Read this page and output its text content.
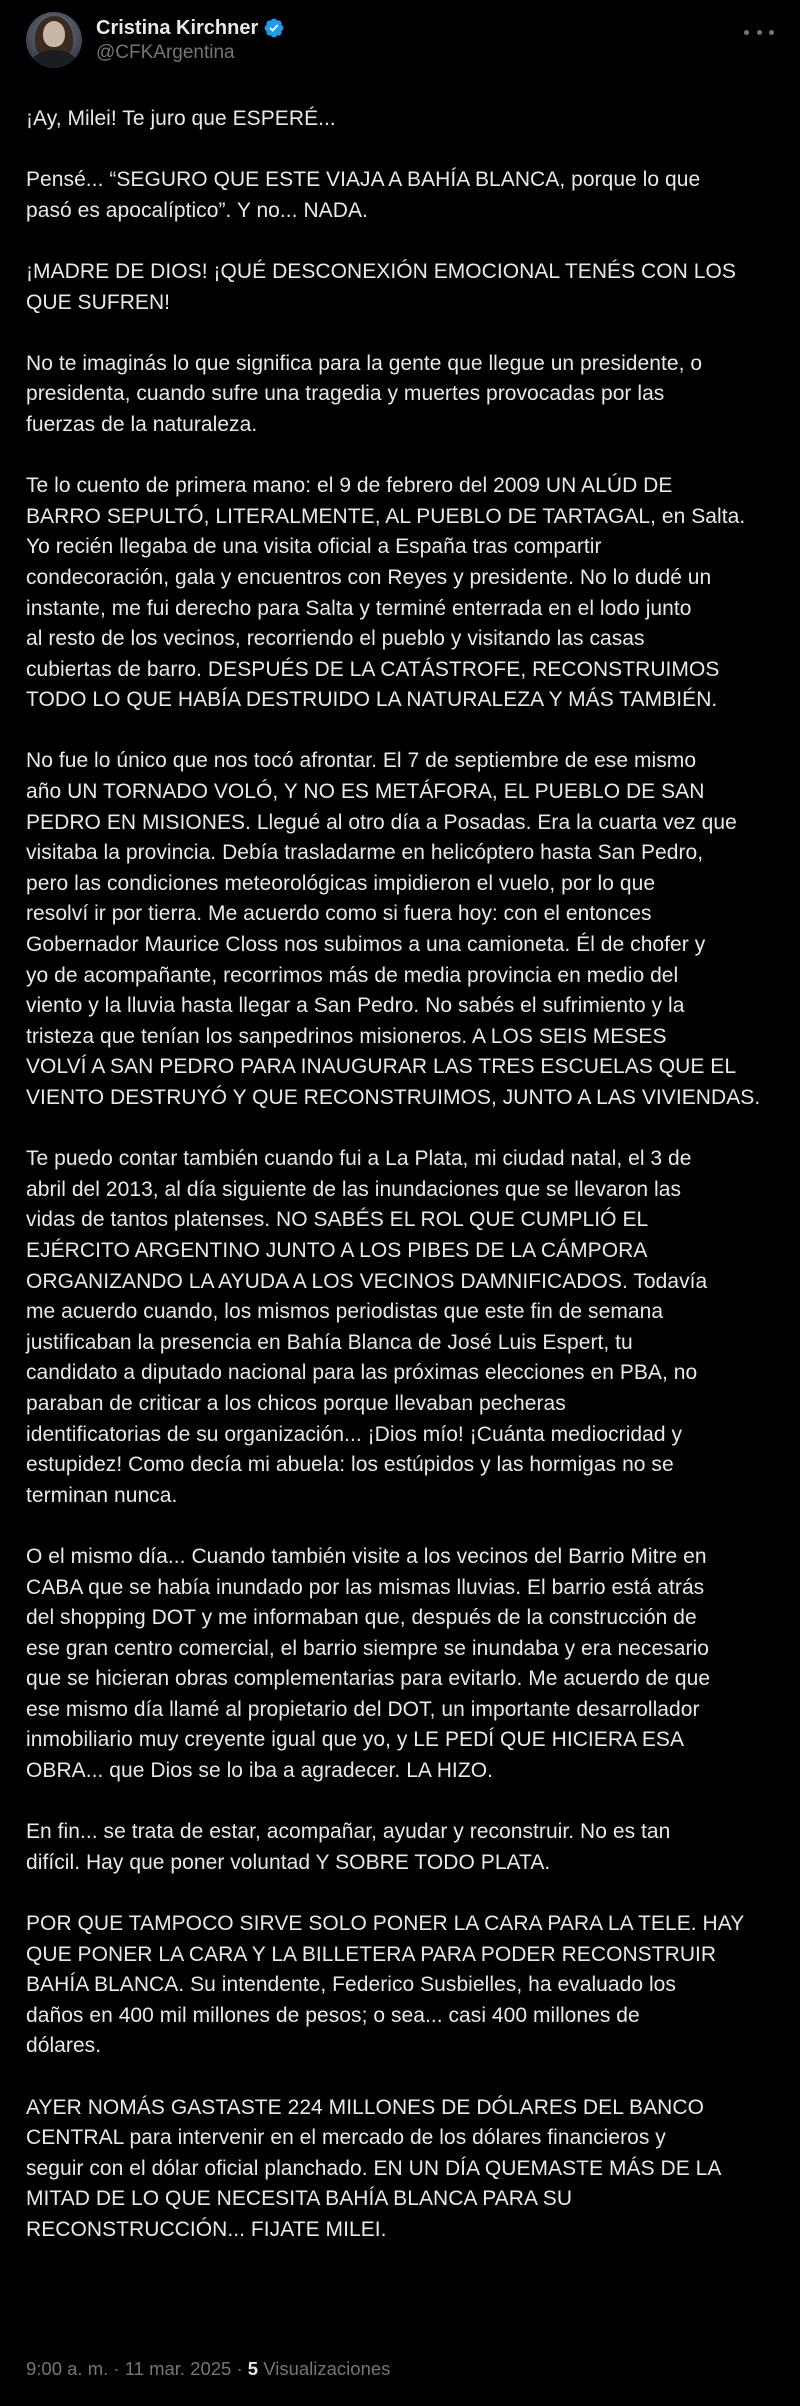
Cristina Kirchner
@CFKArgentina

¡Ay, Milei! Te juro que ESPERÉ...

Pensé... “SEGURO QUE ESTE VIAJA A BAHÍA BLANCA, porque lo que
pasó es apocalíptico”. Y no... NADA.

¡MADRE DE DIOS! ¡QUÉ DESCONEXIÓN EMOCIONAL TENÉS CON LOS
QUE SUFREN!

No te imaginás lo que significa para la gente que llegue un presidente, o
presidenta, cuando sufre una tragedia y muertes provocadas por las
fuerzas de la naturaleza.

Te lo cuento de primera mano: el 9 de febrero del 2009 UN ALÚD DE
BARRO SEPULTÓ, LITERALMENTE, AL PUEBLO DE TARTAGAL, en Salta.
Yo recién llegaba de una visita oficial a España tras compartir
condecoración, gala y encuentros con Reyes y presidente. No lo dudé un
instante, me fui derecho para Salta y terminé enterrada en el lodo junto
al resto de los vecinos, recorriendo el pueblo y visitando las casas
cubiertas de barro. DESPUÉS DE LA CATÁSTROFE, RECONSTRUIMOS
TODO LO QUE HABÍA DESTRUIDO LA NATURALEZA Y MÁS TAMBIÉN.

No fue lo único que nos tocó afrontar. El 7 de septiembre de ese mismo
año UN TORNADO VOLÓ, Y NO ES METÁFORA, EL PUEBLO DE SAN
PEDRO EN MISIONES. Llegué al otro día a Posadas. Era la cuarta vez que
visitaba la provincia. Debía trasladarme en helicóptero hasta San Pedro,
pero las condiciones meteorológicas impidieron el vuelo, por lo que
resolví ir por tierra. Me acuerdo como si fuera hoy: con el entonces
Gobernador Maurice Closs nos subimos a una camioneta. Él de chofer y
yo de acompañante, recorrimos más de media provincia en medio del
viento y la lluvia hasta llegar a San Pedro. No sabés el sufrimiento y la
tristeza que tenían los sanpedrinos misioneros. A LOS SEIS MESES
VOLVÍ A SAN PEDRO PARA INAUGURAR LAS TRES ESCUELAS QUE EL
VIENTO DESTRUYÓ Y QUE RECONSTRUIMOS, JUNTO A LAS VIVIENDAS.

Te puedo contar también cuando fui a La Plata, mi ciudad natal, el 3 de
abril del 2013, al día siguiente de las inundaciones que se llevaron las
vidas de tantos platenses. NO SABÉS EL ROL QUE CUMPLIÓ EL
EJÉRCITO ARGENTINO JUNTO A LOS PIBES DE LA CÁMPORA
ORGANIZANDO LA AYUDA A LOS VECINOS DAMNIFICADOS. Todavía
me acuerdo cuando, los mismos periodistas que este fin de semana
justificaban la presencia en Bahía Blanca de José Luis Espert, tu
candidato a diputado nacional para las próximas elecciones en PBA, no
paraban de criticar a los chicos porque llevaban pecheras
identificatorias de su organización... ¡Dios mío! ¡Cuánta mediocridad y
estupidez! Como decía mi abuela: los estúpidos y las hormigas no se
terminan nunca.

O el mismo día... Cuando también visite a los vecinos del Barrio Mitre en
CABA que se había inundado por las mismas lluvias. El barrio está atrás
del shopping DOT y me informaban que, después de la construcción de
ese gran centro comercial, el barrio siempre se inundaba y era necesario
que se hicieran obras complementarias para evitarlo. Me acuerdo de que
ese mismo día llamé al propietario del DOT, un importante desarrollador
inmobiliario muy creyente igual que yo, y LE PEDÍ QUE HICIERA ESA
OBRA... que Dios se lo iba a agradecer. LA HIZO.

En fin... se trata de estar, acompañar, ayudar y reconstruir. No es tan
difícil. Hay que poner voluntad Y SOBRE TODO PLATA.

POR QUE TAMPOCO SIRVE SOLO PONER LA CARA PARA LA TELE. HAY
QUE PONER LA CARA Y LA BILLETERA PARA PODER RECONSTRUIR
BAHÍA BLANCA. Su intendente, Federico Susbielles, ha evaluado los
daños en 400 mil millones de pesos; o sea... casi 400 millones de
dólares.

AYER NOMÁS GASTASTE 224 MILLONES DE DÓLARES DEL BANCO
CENTRAL para intervenir en el mercado de los dólares financieros y
seguir con el dólar oficial planchado. EN UN DÍA QUEMASTE MÁS DE LA
MITAD DE LO QUE NECESITA BAHÍA BLANCA PARA SU
RECONSTRUCCIÓN... FIJATE MILEI.

9:00 a. m. · 11 mar. 2025 · 5 Visualizaciones
